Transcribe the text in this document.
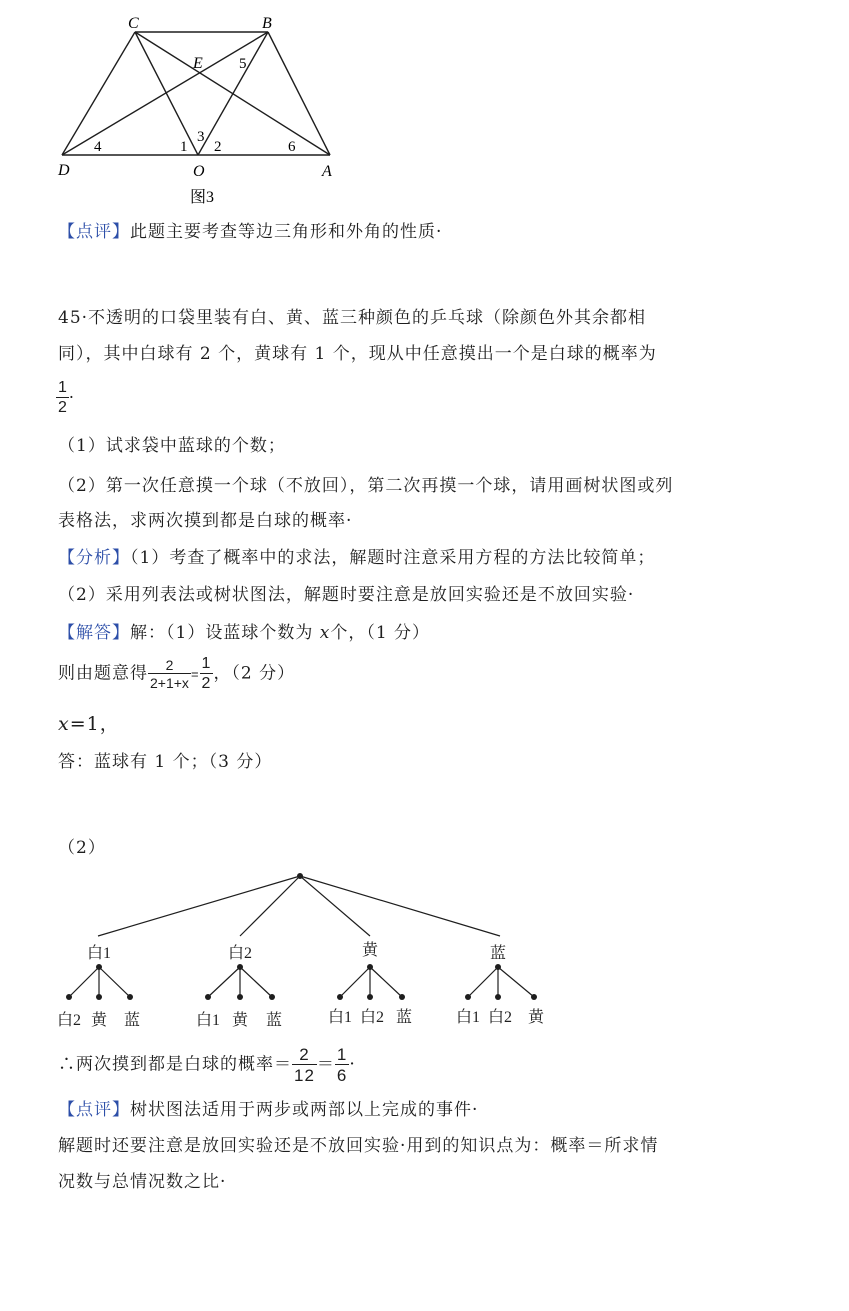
C	B
E
D	O	A
1 2
3
4
5
6
图3
【点评】此题主要考查等边三角形和外角的性质·
45·不透明的口袋里装有白、黄、蓝三种颜色的乒乓球（除颜色外其余都相
同），其中白球有 2 个，黄球有 1 个，现从中任意摸出一个是白球的概率为
$\frac{1}{2}$ ·
（1）试求袋中蓝球的个数；
（2）第一次任意摸一个球（不放回），第二次再摸一个球，请用画树状图或列
表格法，求两次摸到都是白球的概率·
【分析】（1）考查了概率中的求法，解题时注意采用方程的方法比较简单；
（2）采用列表法或树状图法，解题时要注意是放回实验还是不放回实验·
【解答】解：（1）设蓝球个数为 x个，（1 分）
则由题意得 $\frac{2}{2+1+x} = \frac{1}{2}$ ，（2 分）
x=1，
答：蓝球有 1 个；（3 分）
（2）
白1	白2	黄	蓝
白2 黄 蓝	白1 黄 蓝	白1 白2 蓝	白1 白2 黄
∴两次摸到都是白球的概率＝ $\frac{2}{12} = \frac{1}{6}$ ·
【点评】树状图法适用于两步或两部以上完成的事件·
解题时还要注意是放回实验还是不放回实验·用到的知识点为：概率＝所求情
况数与总情况数之比·
